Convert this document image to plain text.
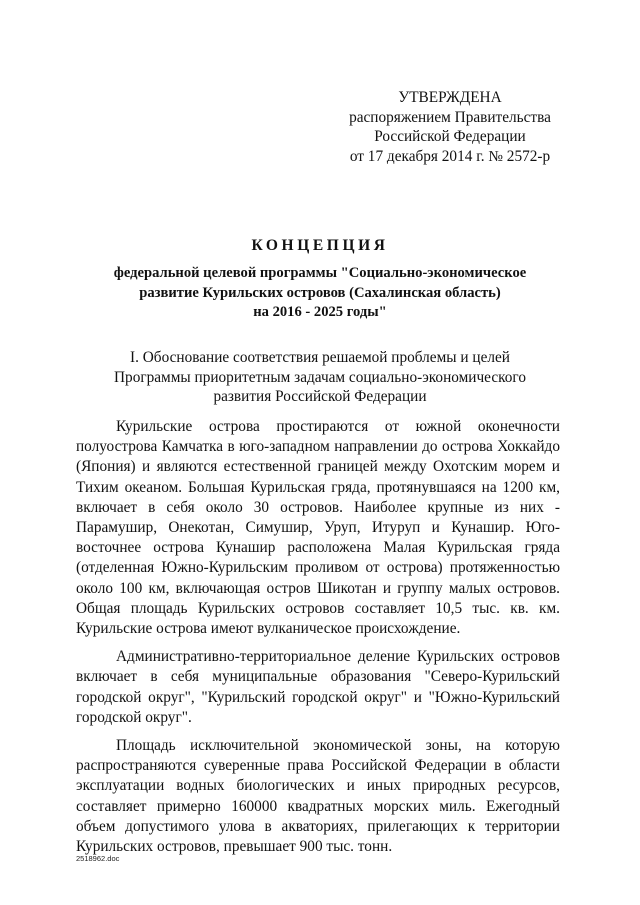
УТВЕРЖДЕНА
распоряжением Правительства
Российской Федерации
от 17 декабря 2014 г. № 2572-р
КОНЦЕПЦИЯ
федеральной целевой программы "Социально-экономическое
развитие Курильских островов (Сахалинская область)
на 2016 - 2025 годы"
I. Обоснование соответствия решаемой проблемы и целей
Программы приоритетным задачам социально-экономического
развития Российской Федерации

Курильские острова простираются от южной оконечности полуострова Камчатка в юго-западном направлении до острова Хоккайдо (Япония) и являются естественной границей между Охотским морем и Тихим океаном. Большая Курильская гряда, протянувшаяся на 1200 км, включает в себя около 30 островов. Наиболее крупные из них - Парамушир, Онекотан, Симушир, Уруп, Итуруп и Кунашир. Юго-восточнее острова Кунашир расположена Малая Курильская гряда (отделенная Южно-Курильским проливом от острова) протяженностью около 100 км, включающая остров Шикотан и группу малых островов. Общая площадь Курильских островов составляет 10,5 тыс. кв. км. Курильские острова имеют вулканическое происхождение.

Административно-территориальное деление Курильских островов включает в себя муниципальные образования "Северо-Курильский городской округ", "Курильский городской округ" и "Южно-Курильский городской округ".

Площадь исключительной экономической зоны, на которую распространяются суверенные права Российской Федерации в области эксплуатации водных биологических и иных природных ресурсов, составляет примерно 160000 квадратных морских миль. Ежегодный объем допустимого улова в акваториях, прилегающих к территории Курильских островов, превышает 900 тыс. тонн.

2518962.doc
